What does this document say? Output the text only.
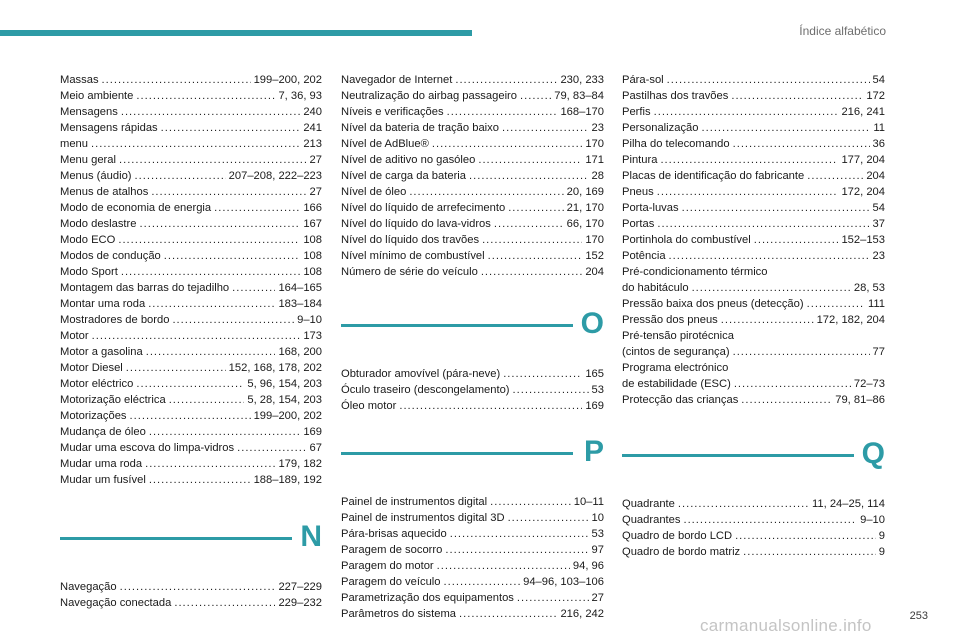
Índice alfabético
Massas .....	199–200, 202
Meio ambiente .....	7, 36, 93
Mensagens .....	240
Mensagens rápidas .....	241
menu .....	213
Menu geral .....	27
Menus (áudio) .....	207–208, 222–223
Menus de atalhos .....	27
Modo de economia de energia .....	166
Modo deslastre .....	167
Modo ECO .....	108
Modos de condução .....	108
Modo Sport .....	108
Montagem das barras do tejadilho .....	164–165
Montar uma roda .....	183–184
Mostradores de bordo .....	9–10
Motor .....	173
Motor a gasolina .....	168, 200
Motor Diesel .....	152, 168, 178, 202
Motor eléctrico .....	5, 96, 154, 203
Motorização eléctrica .....	5, 28, 154, 203
Motorizações .....	199–200, 202
Mudança de óleo .....	169
Mudar uma escova do limpa-vidros .....	67
Mudar uma roda .....	179, 182
Mudar um fusível .....	188–189, 192
N
Navegação .....	227–229
Navegação conectada .....	229–232
Navegador de Internet .....	230, 233
Neutralização do airbag passageiro .....	79, 83–84
Níveis e verificações .....	168–170
Nível da bateria de tração baixo .....	23
Nível de AdBlue® .....	170
Nível de aditivo no gasóleo .....	171
Nível de carga da bateria .....	28
Nível de óleo .....	20, 169
Nível do líquido de arrefecimento .....	21, 170
Nível do líquido do lava-vidros .....	66, 170
Nível do líquido dos travões .....	170
Nível mínimo de combustível .....	152
Número de série do veículo .....	204
O
Obturador amovível (pára-neve) .....	165
Óculo traseiro (descongelamento) .....	53
Óleo motor .....	169
P
Painel de instrumentos digital .....	10–11
Painel de instrumentos digital 3D .....	10
Pára-brisas aquecido .....	53
Paragem de socorro .....	97
Paragem do motor .....	94, 96
Paragem do veículo .....	94–96, 103–106
Parametrização dos equipamentos .....	27
Parâmetros do sistema .....	216, 242
Pára-sol .....	54
Pastilhas dos travões .....	172
Perfis .....	216, 241
Personalização .....	11
Pilha do telecomando .....	36
Pintura .....	177, 204
Placas de identificação do fabricante .....	204
Pneus .....	172, 204
Porta-luvas .....	54
Portas .....	37
Portinhola do combustível .....	152–153
Potência .....	23
Pré-condicionamento térmico
do habitáculo .....	28, 53
Pressão baixa dos pneus (detecção) .....	111
Pressão dos pneus .....	172, 182, 204
Pré-tensão pirotécnica
(cintos de segurança) .....	77
Programa electrónico
de estabilidade (ESC) .....	72–73
Protecção das crianças .....	79, 81–86
Q
Quadrante .....	11, 24–25, 114
Quadrantes .....	9–10
Quadro de bordo LCD .....	9
Quadro de bordo matriz .....	9
carmanualsonline.info	253
